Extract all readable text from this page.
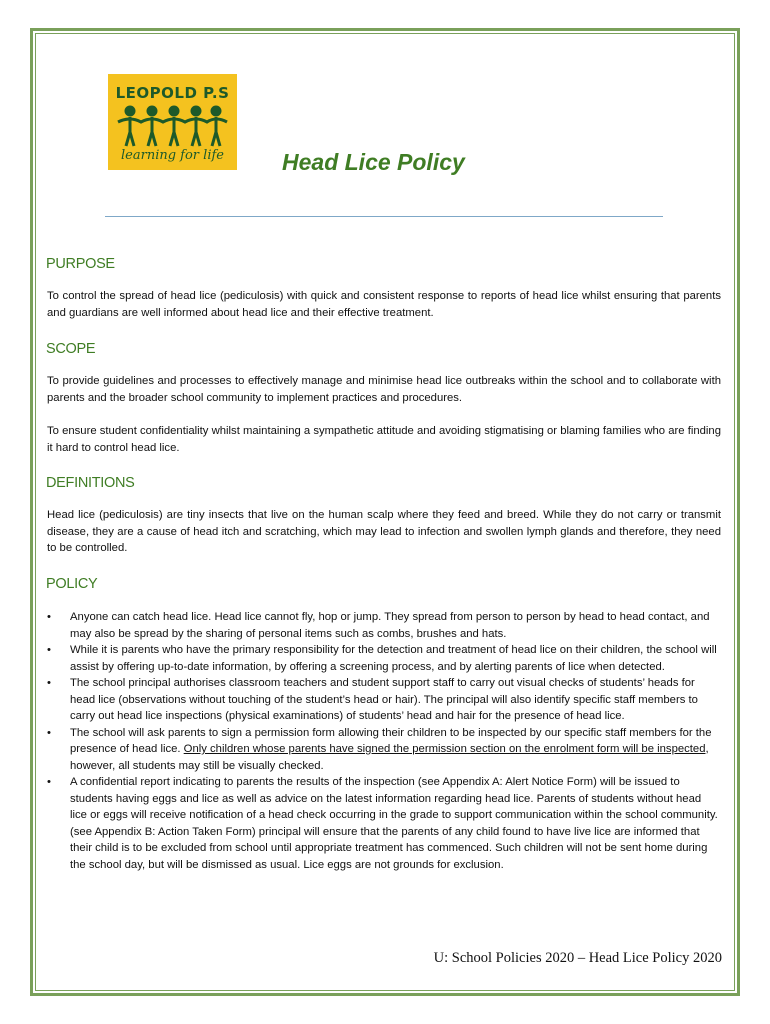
LEOPOLD P.S
learning for life	Head Lice Policy
PURPOSE

To control the spread of head lice (pediculosis) with quick and consistent response to reports of head lice whilst ensuring that parents and guardians are well informed about head lice and their effective treatment.

SCOPE

To provide guidelines and processes to effectively manage and minimise head lice outbreaks within the school and to collaborate with parents and the broader school community to implement practices and procedures.

To ensure student confidentiality whilst maintaining a sympathetic attitude and avoiding stigmatising or blaming families who are finding it hard to control head lice.

DEFINITIONS

Head lice (pediculosis) are tiny insects that live on the human scalp where they feed and breed. While they do not carry or transmit disease, they are a cause of head itch and scratching, which may lead to infection and swollen lymph glands and therefore, they need to be controlled.

POLICY
• Anyone can catch head lice. Head lice cannot fly, hop or jump. They spread from person to person by head to head contact, and may also be spread by the sharing of personal items such as combs, brushes and hats.
• While it is parents who have the primary responsibility for the detection and treatment of head lice on their children, the school will assist by offering up-to-date information, by offering a screening process, and by alerting parents of lice when detected.
• The school principal authorises classroom teachers and student support staff to carry out visual checks of students’ heads for head lice (observations without touching of the student’s head or hair). The principal will also identify specific staff members to carry out head lice inspections (physical examinations) of students’ head and hair for the presence of head lice.
• The school will ask parents to sign a permission form allowing their children to be inspected by our specific staff members for the presence of head lice. Only children whose parents have signed the permission section on the enrolment form will be inspected, however, all students may still be visually checked.
• A confidential report indicating to parents the results of the inspection (see Appendix A: Alert Notice Form) will be issued to students having eggs and lice as well as advice on the latest information regarding head lice. Parents of students without head lice or eggs will receive notification of a head check occurring in the grade to support communication within the school community. (see Appendix B: Action Taken Form) principal will ensure that the parents of any child found to have live lice are informed that their child is to be excluded from school until appropriate treatment has commenced. Such children will not be sent home during the school day, but will be dismissed as usual. Lice eggs are not grounds for exclusion.
U: School Policies 2020 – Head Lice Policy 2020
